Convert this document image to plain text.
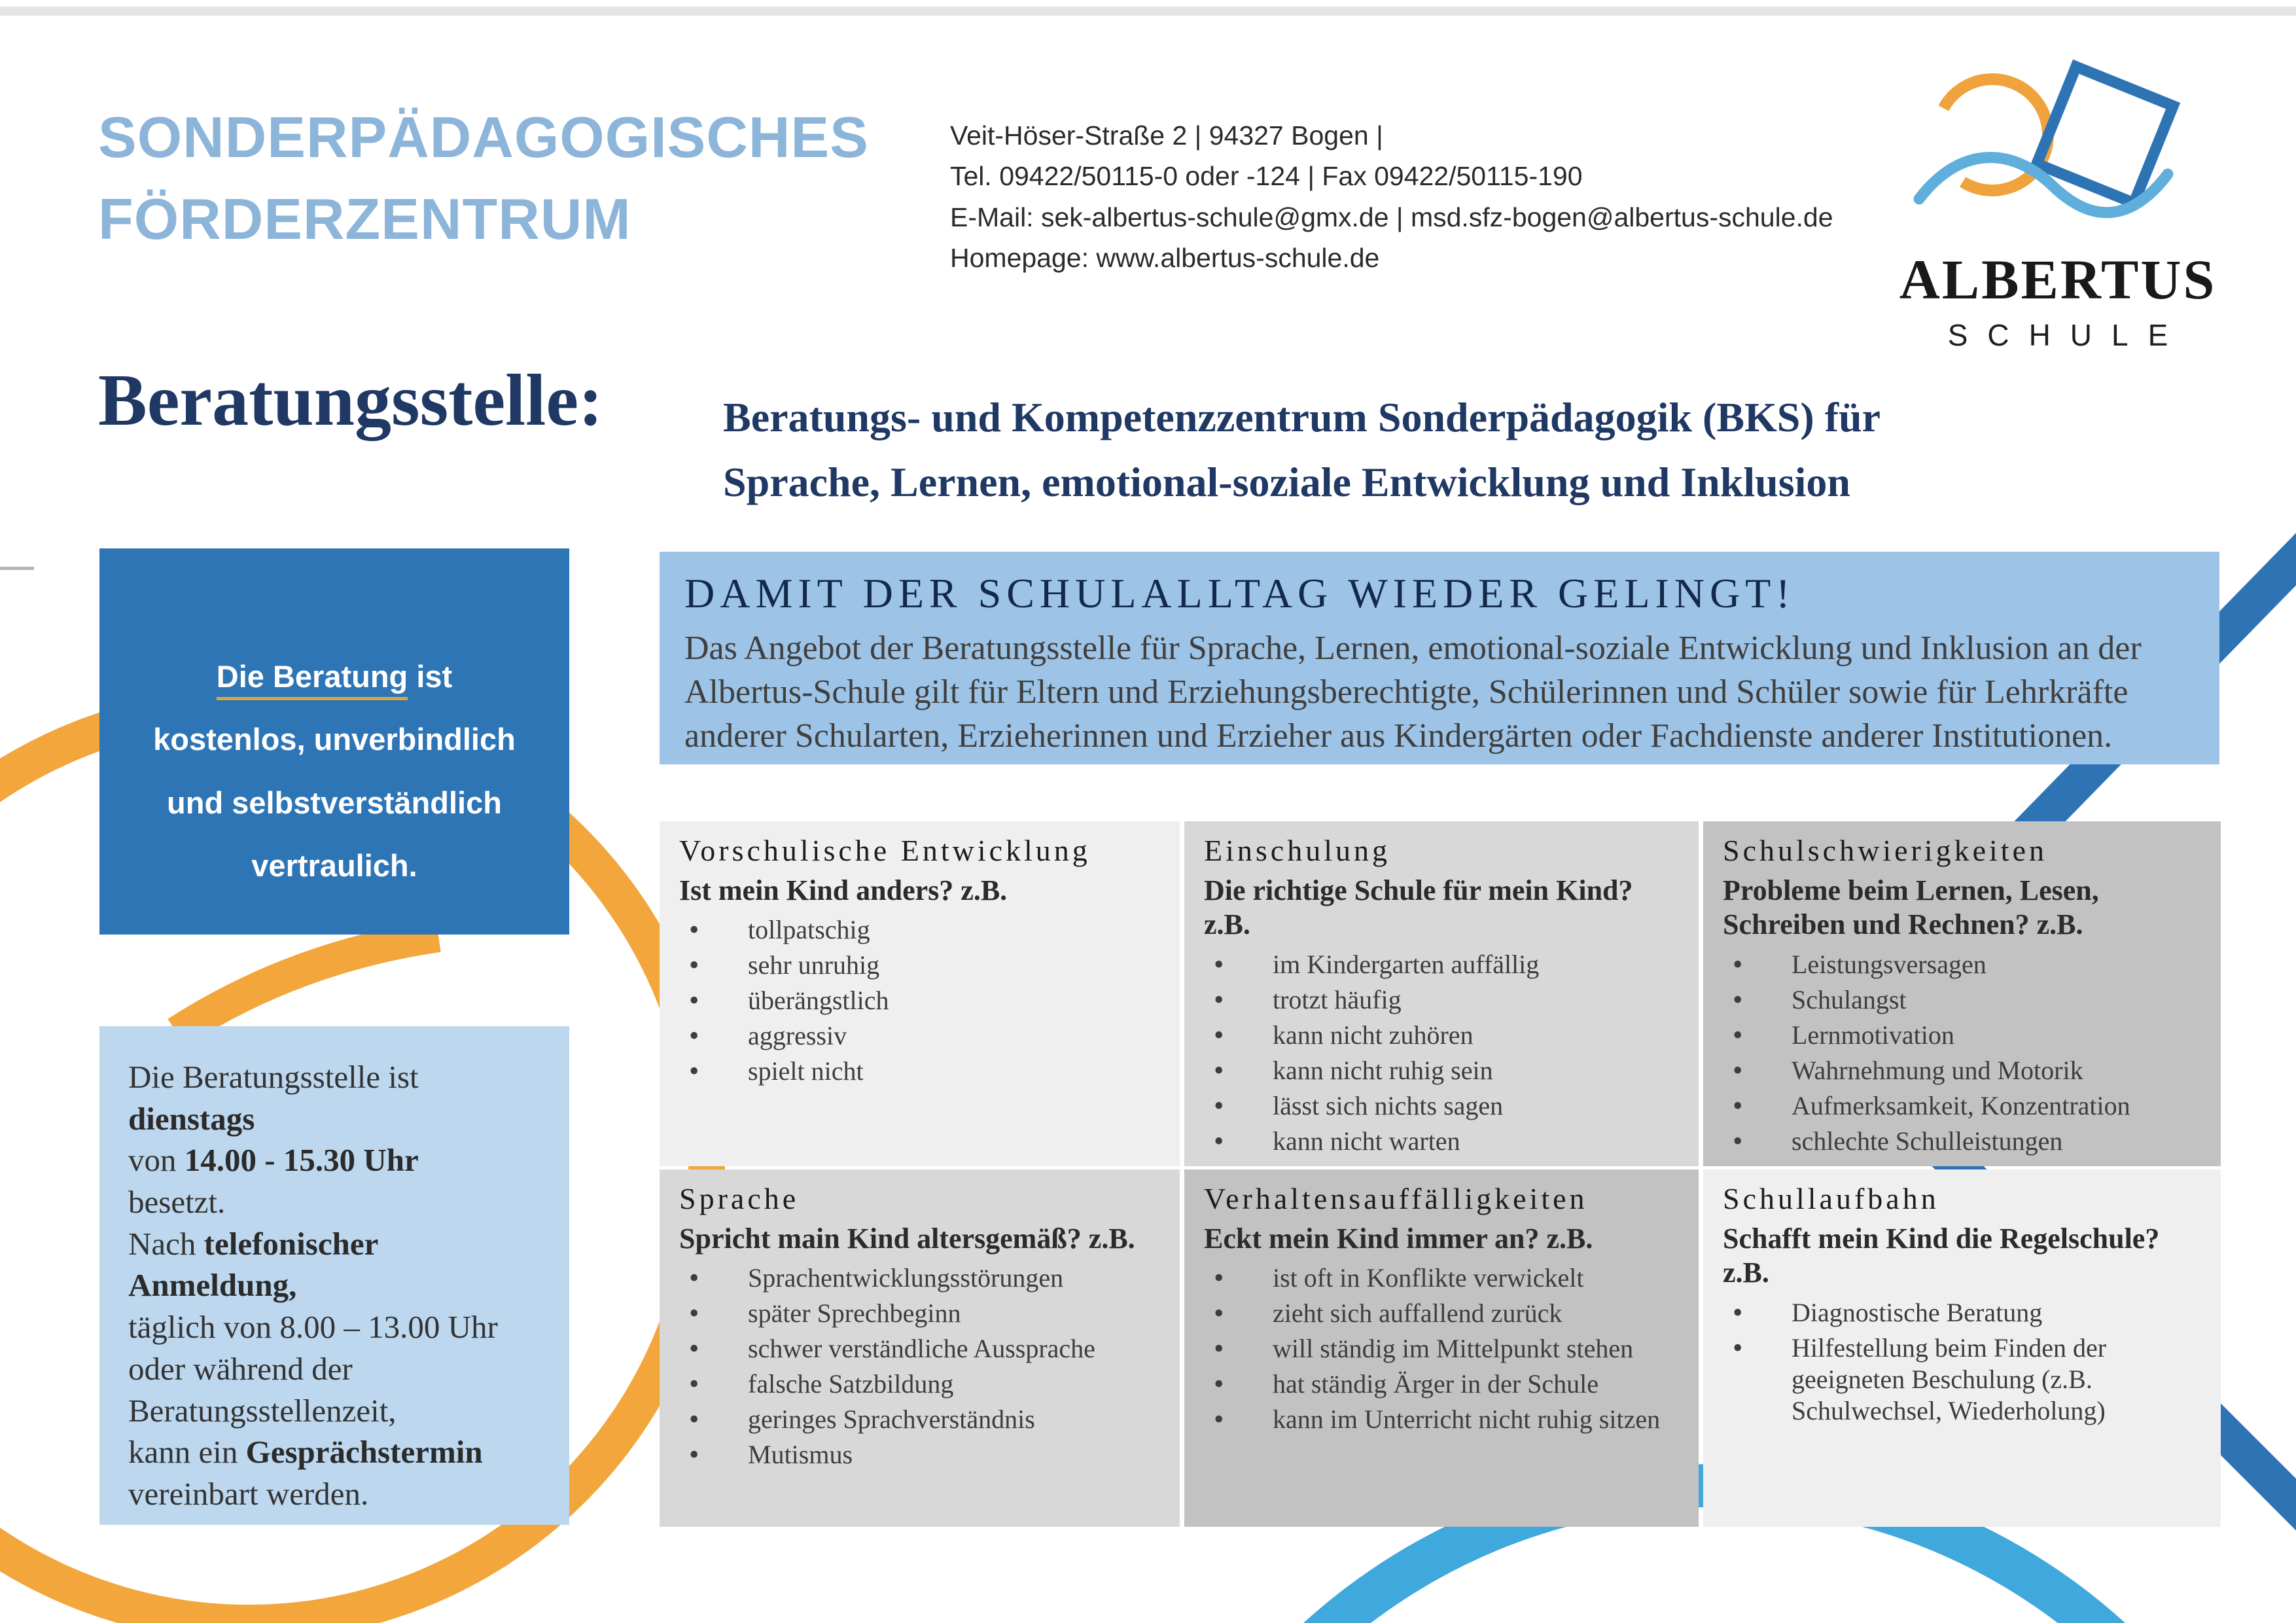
SONDERPÄDAGOGISCHES
FÖRDERZENTRUM
Veit-Höser-Straße 2 | 94327 Bogen |
Tel. 09422/50115-0 oder -124 | Fax 09422/50115-190
E-Mail: sek-albertus-schule@gmx.de | msd.sfz-bogen@albertus-schule.de
Homepage: www.albertus-schule.de	ALBERTUS
SCHULE
Beratungsstelle:	Beratungs- und Kompetenzzentrum Sonderpädagogik (BKS) für
Sprache, Lernen, emotional-soziale Entwicklung und Inklusion
Die Beratung ist
kostenlos, unverbindlich
und selbstverständlich
vertraulich.
Die Beratungsstelle ist
dienstags
von 14.00 - 15.30 Uhr
besetzt.
Nach telefonischer
Anmeldung,
täglich von 8.00 – 13.00 Uhr
oder während der
Beratungsstellenzeit,
kann ein Gesprächstermin
vereinbart werden.
DAMIT DER SCHULALLTAG WIEDER GELINGT!
Das Angebot der Beratungsstelle für Sprache, Lernen, emotional-soziale Entwicklung und Inklusion an der Albertus-Schule gilt für Eltern und Erziehungsberechtigte, Schülerinnen und Schüler sowie für Lehrkräfte anderer Schularten, Erzieherinnen und Erzieher aus Kindergärten oder Fachdienste anderer Institutionen.
Vorschulische Entwicklung
Ist mein Kind anders? z.B.
• tollpatschig
• sehr unruhig
• überängstlich
• aggressiv
• spielt nicht
Einschulung
Die richtige Schule für mein Kind? z.B.
• im Kindergarten auffällig
• trotzt häufig
• kann nicht zuhören
• kann nicht ruhig sein
• lässt sich nichts sagen
• kann nicht warten
Schulschwierigkeiten
Probleme beim Lernen, Lesen, Schreiben und Rechnen? z.B.
• Leistungsversagen
• Schulangst
• Lernmotivation
• Wahrnehmung und Motorik
• Aufmerksamkeit, Konzentration
• schlechte Schulleistungen
Sprache
Spricht main Kind altersgemäß? z.B.
• Sprachentwicklungsstörungen
• später Sprechbeginn
• schwer verständliche Aussprache
• falsche Satzbildung
• geringes Sprachverständnis
• Mutismus
Verhaltensauffälligkeiten
Eckt mein Kind immer an? z.B.
• ist oft in Konflikte verwickelt
• zieht sich auffallend zurück
• will ständig im Mittelpunkt stehen
• hat ständig Ärger in der Schule
• kann im Unterricht nicht ruhig sitzen
Schullaufbahn
Schafft mein Kind die Regelschule? z.B.
• Diagnostische Beratung
• Hilfestellung beim Finden der geeigneten Beschulung (z.B. Schulwechsel, Wiederholung)
